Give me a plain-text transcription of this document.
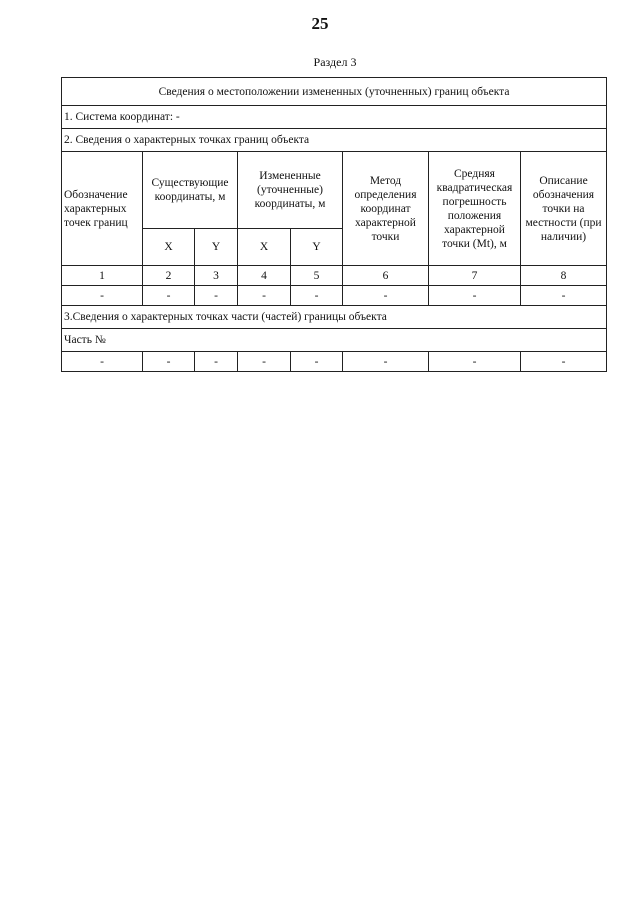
25
Раздел 3
Сведения о местоположении измененных (уточненных) границ объекта							
1. Система координат: -							
2. Сведения о характерных точках границ объекта							
Обозначение характерных точек границ	Существующие координаты, м		Измененные (уточненные) координаты, м		Метод определения координат характерной точки	Средняя квадратическая погрешность положения характерной точки (Mt), м	Описание обозначения точки на местности (при наличии)
	X	Y	X	Y			
1	2	3	4	5	6	7	8
-	-	-	-	-	-	-	-
3.Сведения о характерных точках части (частей) границы объекта							
Часть №							
-	-	-	-	-	-	-	-
